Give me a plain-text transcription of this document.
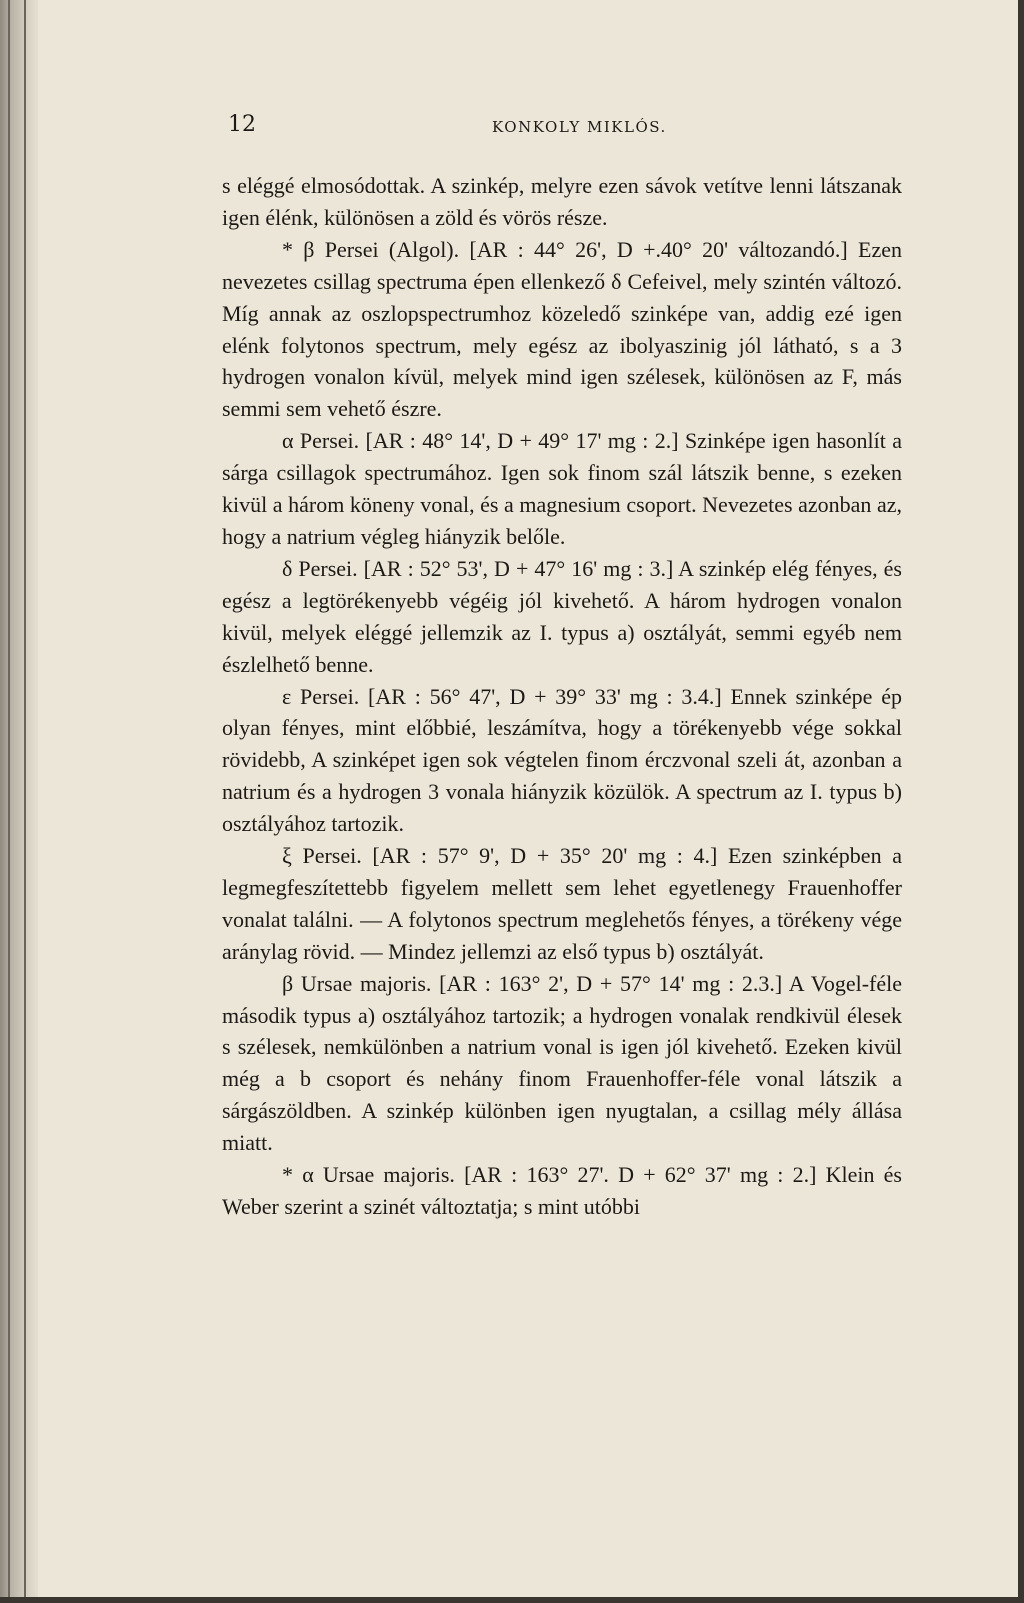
12	KONKOLY MIKLÓS.

s eléggé elmosódottak. A szinkép, melyre ezen sávok vetítve lenni látszanak igen élénk, különösen a zöld és vörös része.

* β Persei (Algol). [AR : 44° 26', D +.40° 20' változandó.] Ezen nevezetes csillag spectruma épen ellenkező δ Cefeivel, mely szintén változó. Míg annak az oszlopspectrumhoz közeledő szinképe van, addig ezé igen elénk folytonos spectrum, mely egész az ibolyaszinig jól látható, s a 3 hydrogen vonalon kívül, melyek mind igen szélesek, különösen az F, más semmi sem vehető észre.

α Persei. [AR : 48° 14', D + 49° 17' mg : 2.] Szinképe igen hasonlít a sárga csillagok spectrumához. Igen sok finom szál látszik benne, s ezeken kivül a három köneny vonal, és a magnesium csoport. Nevezetes azonban az, hogy a natrium végleg hiányzik belőle.

δ Persei. [AR : 52° 53', D + 47° 16' mg : 3.] A szinkép elég fényes, és egész a legtörékenyebb végéig jól kivehető. A három hydrogen vonalon kivül, melyek eléggé jellemzik az I. typus a) osztályát, semmi egyéb nem észlelhető benne.

ε Persei. [AR : 56° 47', D + 39° 33' mg : 3.4.] Ennek szinképe ép olyan fényes, mint előbbié, leszámítva, hogy a törékenyebb vége sokkal rövidebb, A szinképet igen sok végtelen finom érczvonal szeli át, azonban a natrium és a hydrogen 3 vonala hiányzik közülök. A spectrum az I. typus b) osztályához tartozik.

ξ Persei. [AR : 57° 9', D + 35° 20' mg : 4.] Ezen szinképben a legmegfeszítettebb figyelem mellett sem lehet egyetlenegy Frauenhoffer vonalat találni. — A folytonos spectrum meglehetős fényes, a törékeny vége aránylag rövid. — Mindez jellemzi az első typus b) osztályát.

β Ursae majoris. [AR : 163° 2', D + 57° 14' mg : 2.3.] A Vogel-féle második typus a) osztályához tartozik; a hydrogen vonalak rendkivül élesek s szélesek, nemkülönben a natrium vonal is igen jól kivehető. Ezeken kivül még a b csoport és nehány finom Frauenhoffer-féle vonal látszik a sárgászöldben. A szinkép különben igen nyugtalan, a csillag mély állása miatt.

* α Ursae majoris. [AR : 163° 27'. D + 62° 37' mg : 2.] Klein és Weber szerint a szinét változtatja; s mint utóbbi
